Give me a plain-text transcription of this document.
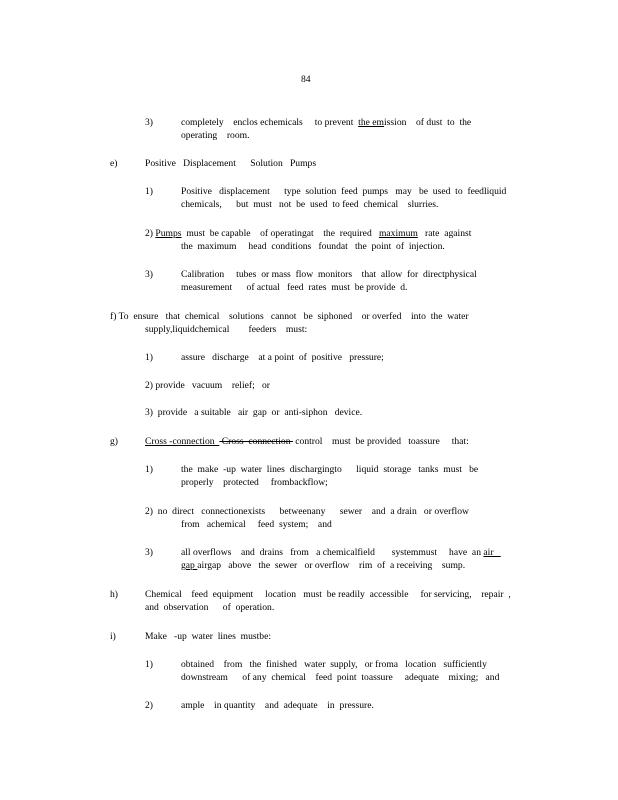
84
3)	completely    enclos echemicals     to prevent  the emission    of dust  to  the
operating    room.
e)	Positive   Displacement      Solution   Pumps
1)	Positive   displacement      type  solution  feed  pumps   may   be  used  to  feedliquid
chemicals,      but  must   not  be  used  to feed  chemical    slurries.
2) Pumps  must  be capable    of operatingat    the  required   maximum   rate  against
the  maximum     head  conditions   foundat   the  point  of  injection.
3)	Calibration     tubes  or mass  flow  monitors    that  allow  for  directphysical
measurement      of actual   feed  rates  must  be provide  d.
f) To  ensure   that  chemical    solutions   cannot   be  siphoned    or overfed    into  the  water
supply,liquidchemical        feeders    must:
1)	assure   discharge    at a point  of  positive   pressure;
2) provide   vacuum    relief;   or
3)  provide   a suitable   air  gap  or  anti-siphon   device.
g)	Cross -connection   Cross  connection  control    must  be provided   toassure     that:
1)	the  make  -up  water  lines  dischargingto      liquid  storage   tanks  must   be
properly    protected     frombackflow;
2)  no  direct   connectionexists      betweenany      sewer    and  a drain   or overflow
from   achemical     feed  system;    and
3)	all overflows    and  drains   from   a chemicalfield       systemmust     have  an air
gap airgap   above   the  sewer   or overflow    rim  of  a receiving    sump.
h)	Chemical    feed  equipment     location   must  be readily  accessible     for servicing,    repair  ,
and  observation      of  operation.
i)	Make   -up  water  lines  mustbe:
1)	obtained    from   the  finished   water  supply,   or froma   location   sufficiently
downstream      of any  chemical    feed  point  toassure     adequate    mixing;   and
2)	ample    in quantity    and  adequate    in  pressure.
